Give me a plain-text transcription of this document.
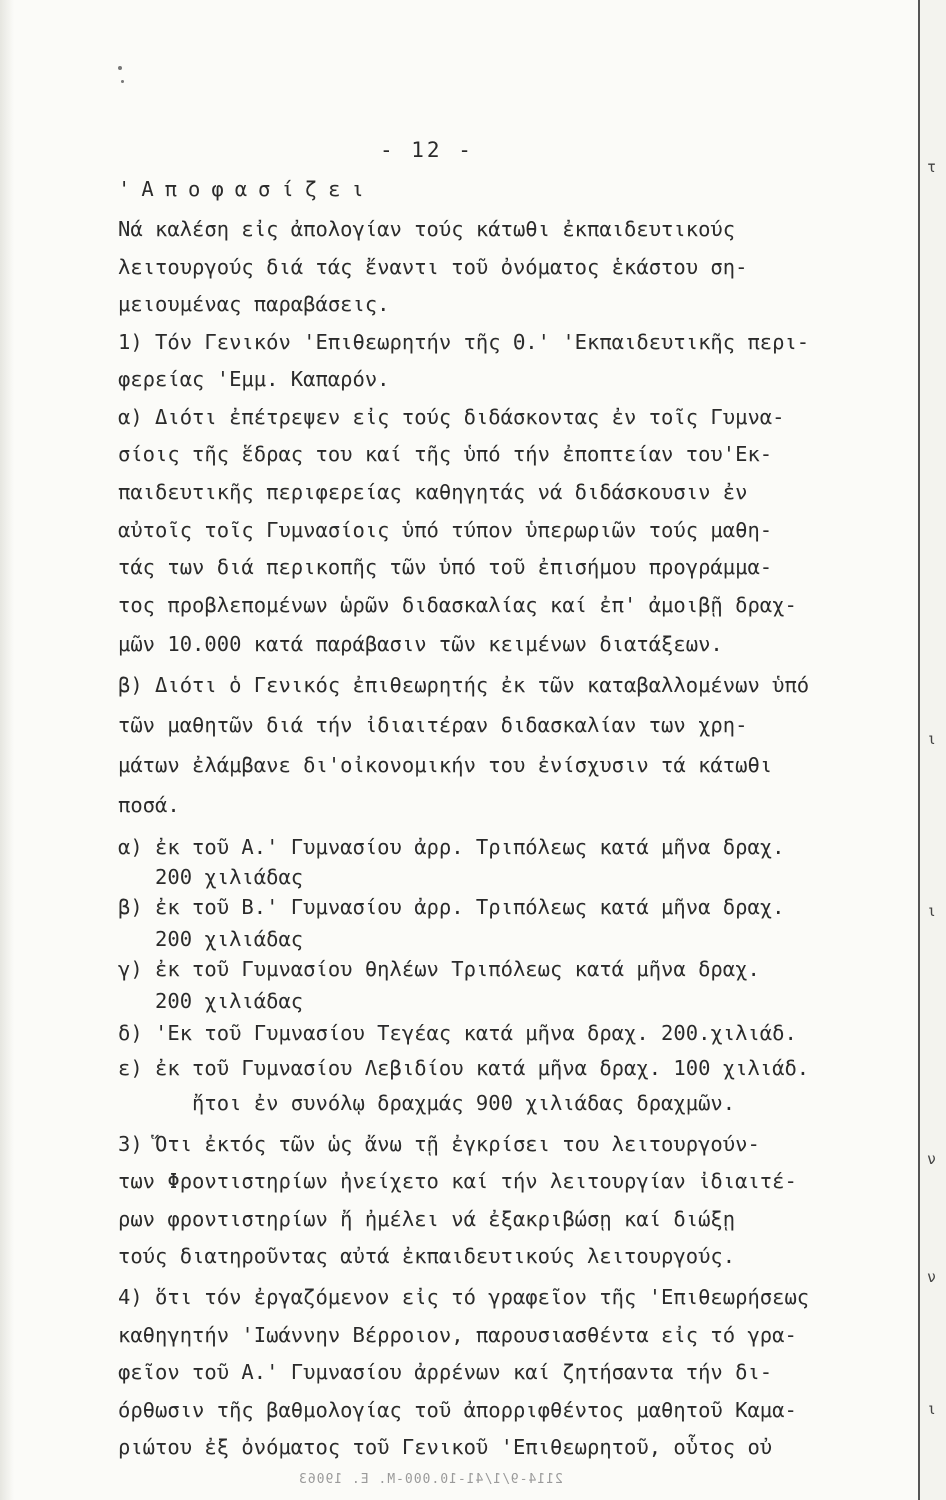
τ
ι
ι
ν
ν
ι
- 12 -
'Αποφασίζει
Νά καλέση εἰς ἀπολογίαν τούς κάτωθι ἐκπαιδευτικούς
λειτουργούς διά τάς ἔναντι τοῦ ὀνόματος ἑκάστου ση-
μειουμένας παραβάσεις.
1) Τόν Γενικόν 'Επιθεωρητήν τῆς Θ.' 'Εκπαιδευτικῆς περι-
φερείας 'Εμμ. Καπαρόν.
α) Διότι ἐπέτρεψεν εἰς τούς διδάσκοντας ἐν τοῖς Γυμνα-
σίοις τῆς ἕδρας του καί τῆς ὑπό τήν ἐποπτείαν του'Εκ-
παιδευτικῆς περιφερείας καθηγητάς νά διδάσκουσιν ἐν
αὐτοῖς τοῖς Γυμνασίοις ὑπό τύπον ὑπερωριῶν τούς μαθη-
τάς των διά περικοπῆς τῶν ὑπό τοῦ ἐπισήμου προγράμμα-
τος προβλεπομένων ὡρῶν διδασκαλίας καί ἐπ' ἀμοιβῇ δραχ-
μῶν 10.000 κατά παράβασιν τῶν κειμένων διατάξεων.
β) Διότι ὁ Γενικός ἐπιθεωρητής ἐκ τῶν καταβαλλομένων ὑπό
τῶν μαθητῶν διά τήν ἰδιαιτέραν διδασκαλίαν των χρη-
μάτων ἐλάμβανε δι'οἰκονομικήν του ἐνίσχυσιν τά κάτωθι
ποσά.
α) ἐκ τοῦ Α.' Γυμνασίου ἀρρ. Τριπόλεως κατά μῆνα δραχ.
200 χιλιάδας
β) ἐκ τοῦ Β.' Γυμνασίου ἀρρ. Τριπόλεως κατά μῆνα δραχ.
200 χιλιάδας
γ) ἐκ τοῦ Γυμνασίου θηλέων Τριπόλεως κατά μῆνα δραχ.
200 χιλιάδας
δ) 'Εκ τοῦ Γυμνασίου Τεγέας κατά μῆνα δραχ. 200.χιλιάδ.
ε) ἐκ τοῦ Γυμνασίου Λεβιδίου κατά μῆνα δραχ. 100 χιλιάδ.
ἤτοι ἐν συνόλῳ δραχμάς 900 χιλιάδας δραχμῶν.
3) Ὅτι ἐκτός τῶν ὡς ἄνω τῇ ἐγκρίσει του λειτουργούν-
των Φροντιστηρίων ἠνείχετο καί τήν λειτουργίαν ἰδιαιτέ-
ρων φροντιστηρίων ἤ ἠμέλει νά ἐξακριβώσῃ καί διώξῃ
τούς διατηροῦντας αὐτά ἐκπαιδευτικούς λειτουργούς.
4) ὅτι τόν ἐργαζόμενον εἰς τό γραφεῖον τῆς 'Επιθεωρήσεως
καθηγητήν 'Ιωάννην Βέρροιον, παρουσιασθέντα εἰς τό γρα-
φεῖον τοῦ Α.' Γυμνασίου ἀρρένων καί ζητήσαντα τήν δι-
όρθωσιν τῆς βαθμολογίας τοῦ ἀπορριφθέντος μαθητοῦ Καμα-
ριώτου ἐξ ὀνόματος τοῦ Γενικοῦ 'Επιθεωρητοῦ, οὗτος οὐ
2114-9/1/41-10.000-M. E. 19063
